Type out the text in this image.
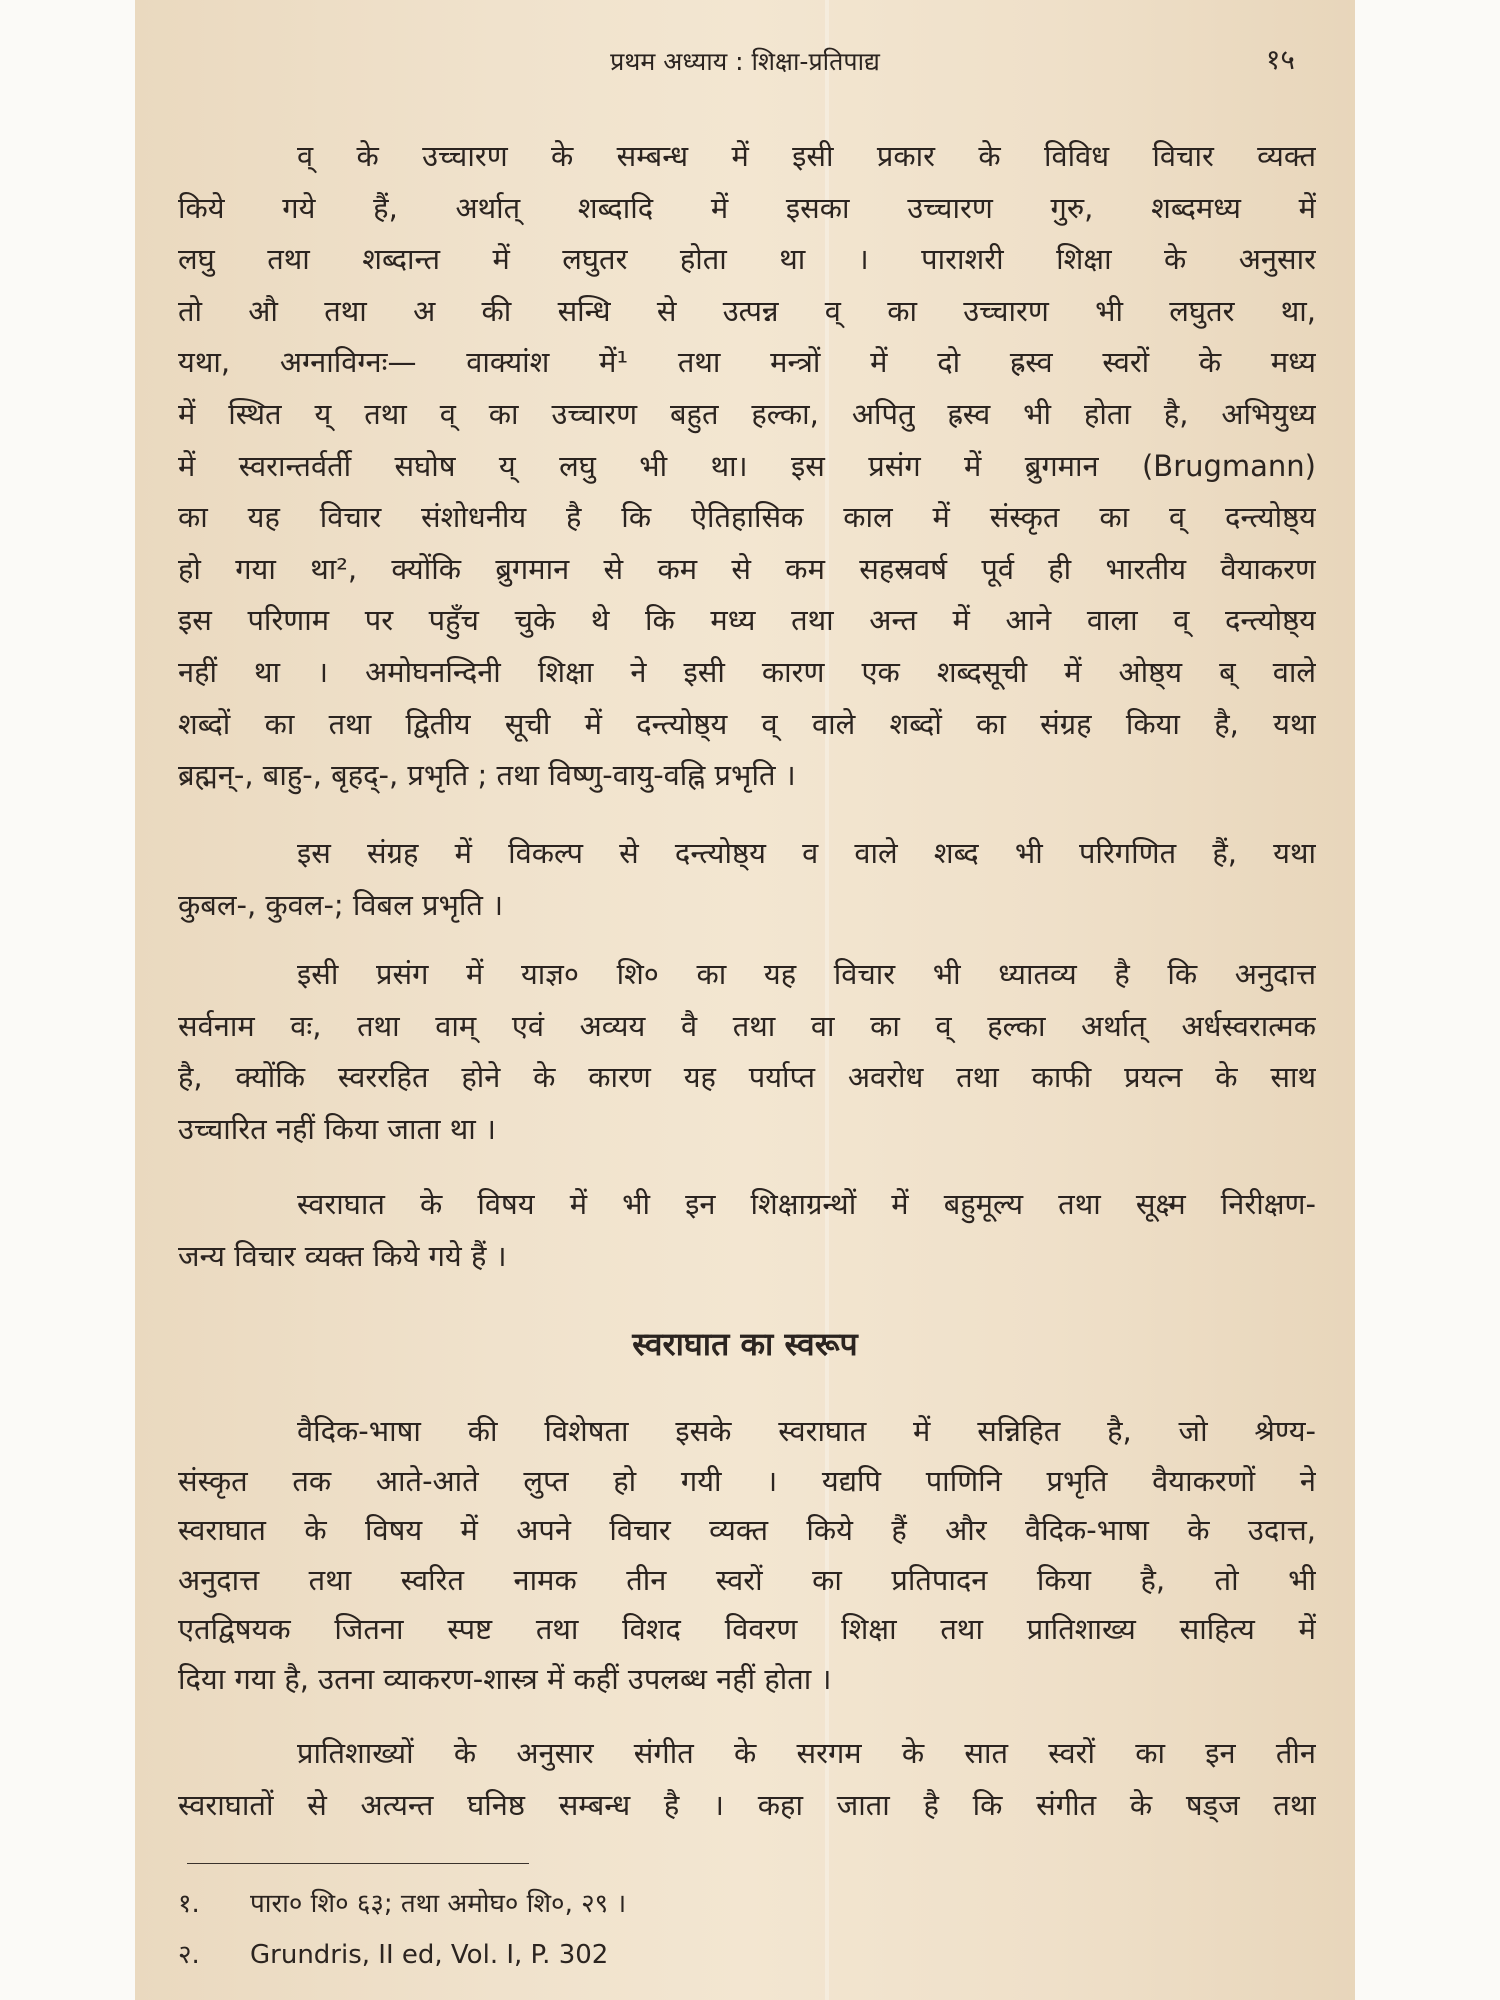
प्रथम अध्याय : शिक्षा-प्रतिपाद्य	१५
व् के उच्चारण के सम्बन्ध में इसी प्रकार के विविध विचार व्यक्त
किये गये हैं, अर्थात् शब्दादि में इसका उच्चारण गुरु, शब्दमध्य में
लघु तथा शब्दान्त में लघुतर होता था । पाराशरी शिक्षा के अनुसार
तो औ तथा अ की सन्धि से उत्पन्न व् का उच्चारण भी लघुतर था,
यथा, अग्नाविग्नः— वाक्यांश में¹ तथा मन्त्रों में दो ह्रस्व स्वरों के मध्य
में स्थित य् तथा व् का उच्चारण बहुत हल्का, अपितु ह्रस्व भी होता है, अभियुध्य
में स्वरान्तर्वर्ती सघोष य् लघु भी था। इस प्रसंग में ब्रुगमान (Brugmann)
का यह विचार संशोधनीय है कि ऐतिहासिक काल में संस्कृत का व् दन्त्योष्ठ्य
हो गया था², क्योंकि ब्रुगमान से कम से कम सहस्रवर्ष पूर्व ही भारतीय वैयाकरण
इस परिणाम पर पहुँच चुके थे कि मध्य तथा अन्त में आने वाला व् दन्त्योष्ठ्य
नहीं था । अमोघनन्दिनी शिक्षा ने इसी कारण एक शब्दसूची में ओष्ठ्य ब् वाले
शब्दों का तथा द्वितीय सूची में दन्त्योष्ठ्य व् वाले शब्दों का संग्रह किया है, यथा
ब्रह्मन्-, बाहु-, बृहद्-, प्रभृति ; तथा विष्णु-वायु-वह्नि प्रभृति ।
इस संग्रह में विकल्प से दन्त्योष्ठ्य व वाले शब्द भी परिगणित हैं, यथा
कुबल-, कुवल-; विबल प्रभृति ।
इसी प्रसंग में याज्ञ० शि० का यह विचार भी ध्यातव्य है कि अनुदात्त
सर्वनाम वः, तथा वाम् एवं अव्यय वै तथा वा का व् हल्का अर्थात् अर्धस्वरात्मक
है, क्योंकि स्वररहित होने के कारण यह पर्याप्त अवरोध तथा काफी प्रयत्न के साथ
उच्चारित नहीं किया जाता था ।
स्वराघात के विषय में भी इन शिक्षाग्रन्थों में बहुमूल्य तथा सूक्ष्म निरीक्षण-
जन्य विचार व्यक्त किये गये हैं ।
स्वराघात का स्वरूप
वैदिक-भाषा की विशेषता इसके स्वराघात में सन्निहित है, जो श्रेण्य-
संस्कृत तक आते-आते लुप्त हो गयी । यद्यपि पाणिनि प्रभृति वैयाकरणों ने
स्वराघात के विषय में अपने विचार व्यक्त किये हैं और वैदिक-भाषा के उदात्त,
अनुदात्त तथा स्वरित नामक तीन स्वरों का प्रतिपादन किया है, तो भी
एतद्विषयक जितना स्पष्ट तथा विशद विवरण शिक्षा तथा प्रातिशाख्य साहित्य में
दिया गया है, उतना व्याकरण-शास्त्र में कहीं उपलब्ध नहीं होता ।
प्रातिशाख्यों के अनुसार संगीत के सरगम के सात स्वरों का इन तीन
स्वराघातों से अत्यन्त घनिष्ठ सम्बन्ध है । कहा जाता है कि संगीत के षड्ज तथा
१. पारा० शि० ६३; तथा अमोघ० शि०, २९ ।
२. Grundris, II ed, Vol. I, P. 302
